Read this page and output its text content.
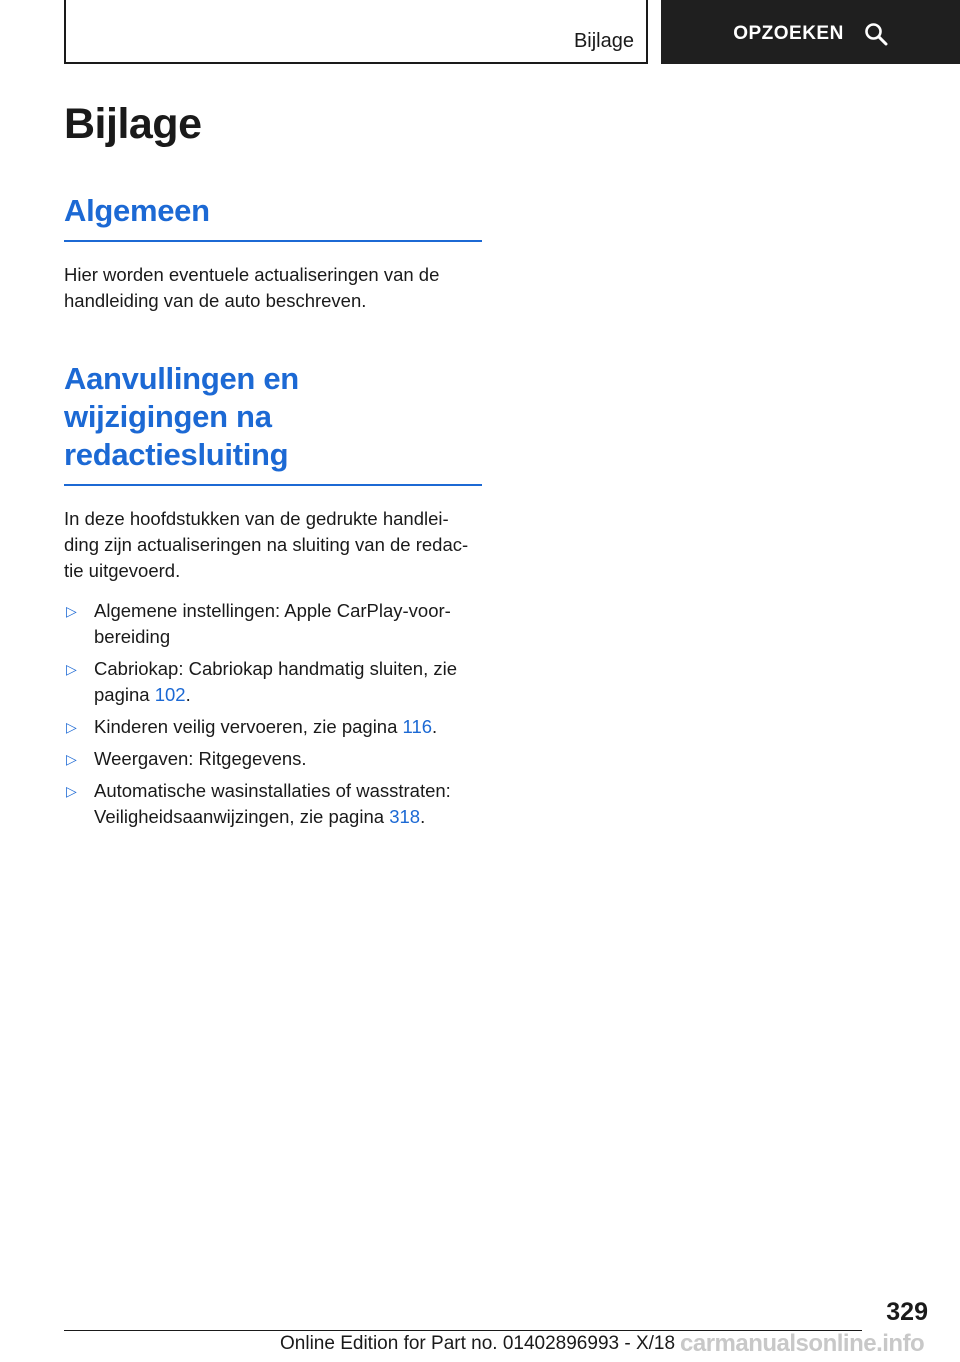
Bijlage	OPZOEKEN
Bijlage
Algemeen

Hier worden eventuele actualiseringen van de handleiding van de auto beschreven.

Aanvullingen en
wijzigingen na
redactiesluiting

In deze hoofdstukken van de gedrukte handlei-
ding zijn actualiseringen na sluiting van de redac-
tie uitgevoerd.

▷ Algemene instellingen: Apple CarPlay-voor-
bereiding
▷ Cabriokap: Cabriokap handmatig sluiten, zie
pagina 102.
▷ Kinderen veilig vervoeren, zie pagina 116.
▷ Weergaven: Ritgegevens.
▷ Automatische wasinstallaties of wasstraten:
Veiligheidsaanwijzingen, zie pagina 318.
329
Online Edition for Part no. 01402896993 - X/18 carmanualsonline.info
